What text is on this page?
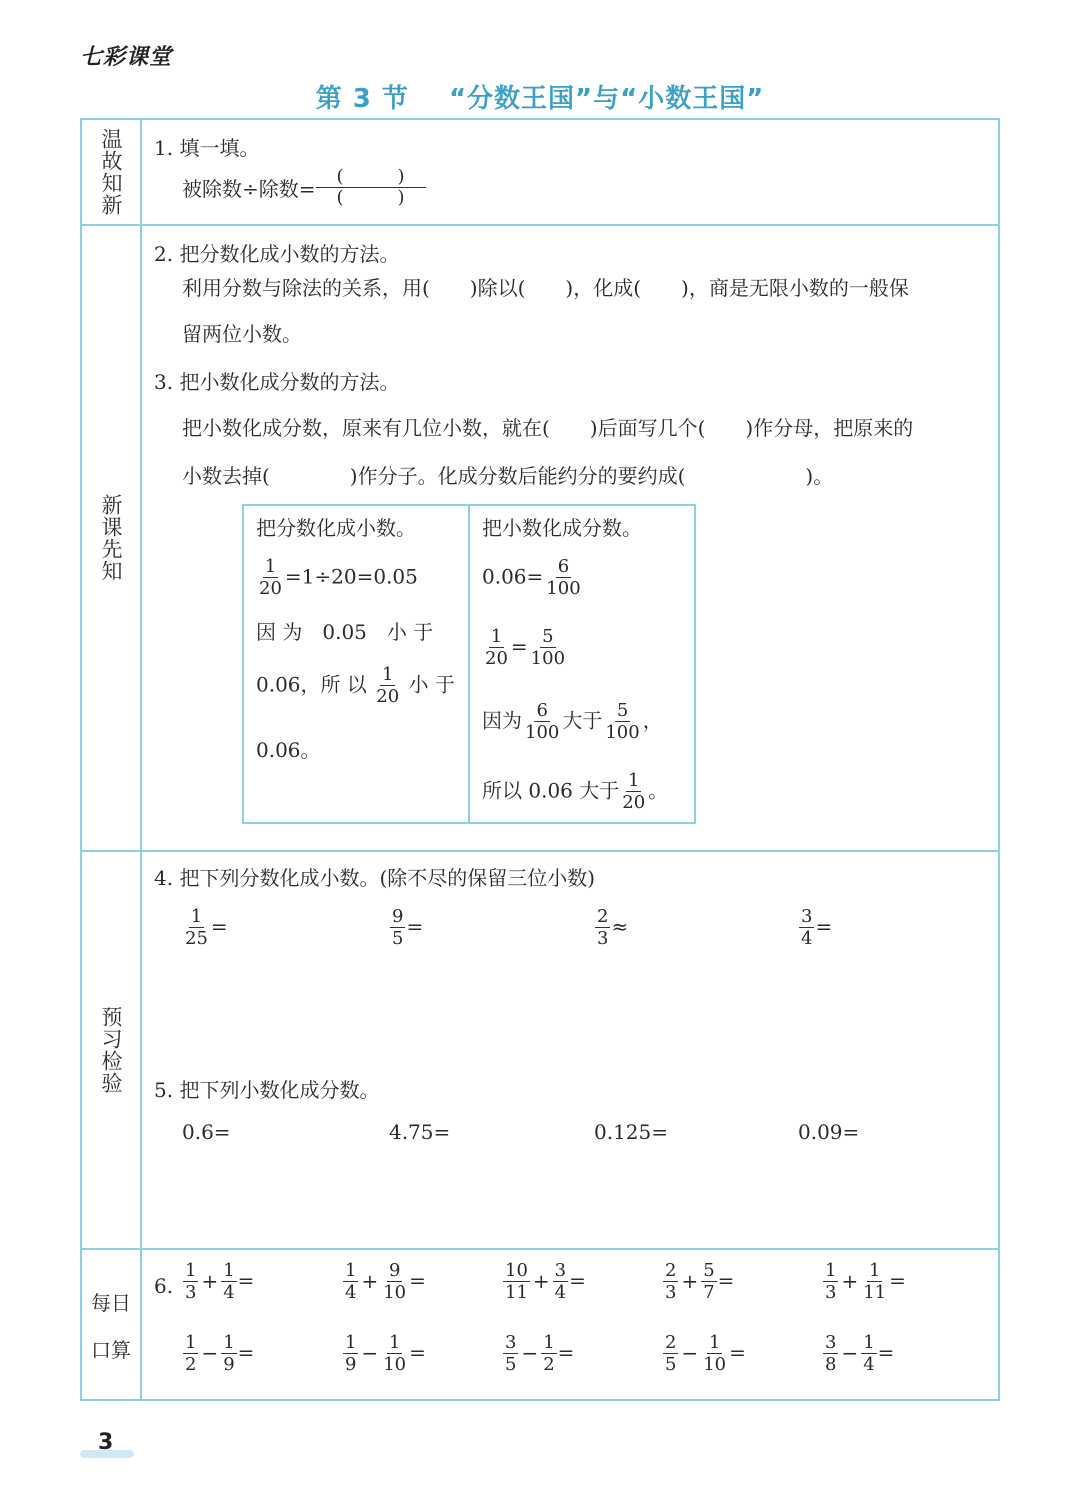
七彩课堂
第 3 节 “分数王国”与“小数王国”
温故知新 1. 填一填。
被除数÷除数=
(　　　)
(　　　)
新课先知
2. 把分数化成小数的方法。
利用分数与除法的关系，用(　　)除以(　　)，化成(　　)，商是无限小数的一般保
留两位小数。
3. 把小数化成分数的方法。
把小数化成分数，原来有几位小数，就在(　　)后面写几个(　　)作分母，把原来的
小数去掉(　　　　)作分子。化成分数后能约分的要约成(　　　　　　)。
把分数化成小数。
$\frac{1}{20} =1\div 20=0.05$
因 为　0.05　小 于
0.06，所 以 $\frac{1}{20}$ 小 于
0.06。
把小数化成分数。
$0.06= \frac{6}{100}$
$\frac{1}{20} = \frac{5}{100}$
因为 $\frac{6}{100}$ 大于 $\frac{5}{100}$ ，
所以 0.06 大于 $\frac{1}{20}$ 。
预习检验
4. 把下列分数化成小数。(除不尽的保留三位小数)
$\frac{1}{25}$ =	$\frac{9}{5}$ =	$\frac{2}{3}$ ≈	$\frac{3}{4}$ =
5. 把下列小数化成分数。
0.6=	4.75=	0.125=	0.09=
每日
口算
6. $\frac{1}{3} + \frac{1}{4}$ =	$\frac{1}{4} + \frac{9}{10}$ =	$\frac{10}{11} + \frac{3}{4}$ =	$\frac{2}{3} + \frac{5}{7}$ =	$\frac{1}{3} + \frac{1}{11}$ =
$\frac{1}{2} - \frac{1}{9}$ =	$\frac{1}{9} - \frac{1}{10}$ =	$\frac{3}{5} - \frac{1}{2}$ =	$\frac{2}{5} - \frac{1}{10}$ =	$\frac{3}{8} - \frac{1}{4}$ =
3
